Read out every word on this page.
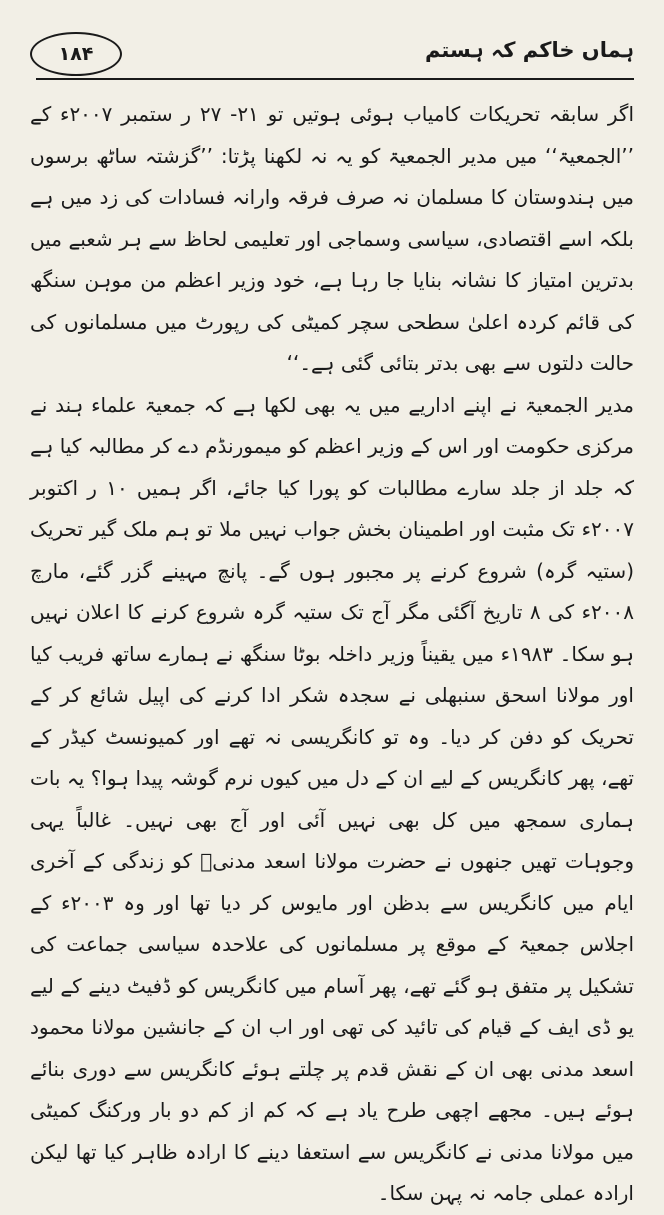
۱۸۴	ہماں خاکم کہ ہستم

اگر سابقہ تحریکات کامیاب ہوئی ہوتیں تو ۲۱- ۲۷ ر ستمبر ۲۰۰۷ء کے ’’الجمعیۃ‘‘ میں مدیر الجمعیۃ کو یہ نہ لکھنا پڑتا: ’’گزشتہ ساٹھ برسوں میں ہندوستان کا مسلمان نہ صرف فرقہ وارانہ فسادات کی زد میں ہے بلکہ اسے اقتصادی، سیاسی وسماجی اور تعلیمی لحاظ سے ہر شعبے میں بدترین امتیاز کا نشانہ بنایا جا رہا ہے، خود وزیر اعظم من موہن سنگھ کی قائم کردہ اعلیٰ سطحی سچر کمیٹی کی رپورٹ میں مسلمانوں کی حالت دلتوں سے بھی بدتر بتائی گئی ہے۔‘‘

مدیر الجمعیۃ نے اپنے اداریے میں یہ بھی لکھا ہے کہ جمعیۃ علماء ہند نے مرکزی حکومت اور اس کے وزیر اعظم کو میمورنڈم دے کر مطالبہ کیا ہے کہ جلد از جلد سارے مطالبات کو پورا کیا جائے، اگر ہمیں ۱۰ ر اکتوبر ۲۰۰۷ء تک مثبت اور اطمینان بخش جواب نہیں ملا تو ہم ملک گیر تحریک (ستیہ گرہ) شروع کرنے پر مجبور ہوں گے۔ پانچ مہینے گزر گئے، مارچ ۲۰۰۸ء کی ۸ تاریخ آگئی مگر آج تک ستیہ گرہ شروع کرنے کا اعلان نہیں ہو سکا۔ ۱۹۸۳ء میں یقیناً وزیر داخلہ بوٹا سنگھ نے ہمارے ساتھ فریب کیا اور مولانا اسحق سنبھلی نے سجدہ شکر ادا کرنے کی اپیل شائع کر کے تحریک کو دفن کر دیا۔ وہ تو کانگریسی نہ تھے اور کمیونسٹ کیڈر کے تھے، پھر کانگریس کے لیے ان کے دل میں کیوں نرم گوشہ پیدا ہوا؟ یہ بات ہماری سمجھ میں کل بھی نہیں آئی اور آج بھی نہیں۔ غالباً یہی وجوہات تھیں جنھوں نے حضرت مولانا اسعد مدنیؒ کو زندگی کے آخری ایام میں کانگریس سے بدظن اور مایوس کر دیا تھا اور وہ ۲۰۰۳ء کے اجلاس جمعیۃ کے موقع پر مسلمانوں کی علاحدہ سیاسی جماعت کی تشکیل پر متفق ہو گئے تھے، پھر آسام میں کانگریس کو ڈفیٹ دینے کے لیے یو ڈی ایف کے قیام کی تائید کی تھی اور اب ان کے جانشین مولانا محمود اسعد مدنی بھی ان کے نقش قدم پر چلتے ہوئے کانگریس سے دوری بنائے ہوئے ہیں۔ مجھے اچھی طرح یاد ہے کہ کم از کم دو بار ورکنگ کمیٹی میں مولانا مدنی نے کانگریس سے استعفا دینے کا ارادہ ظاہر کیا تھا لیکن ارادہ عملی جامہ نہ پہن سکا۔
